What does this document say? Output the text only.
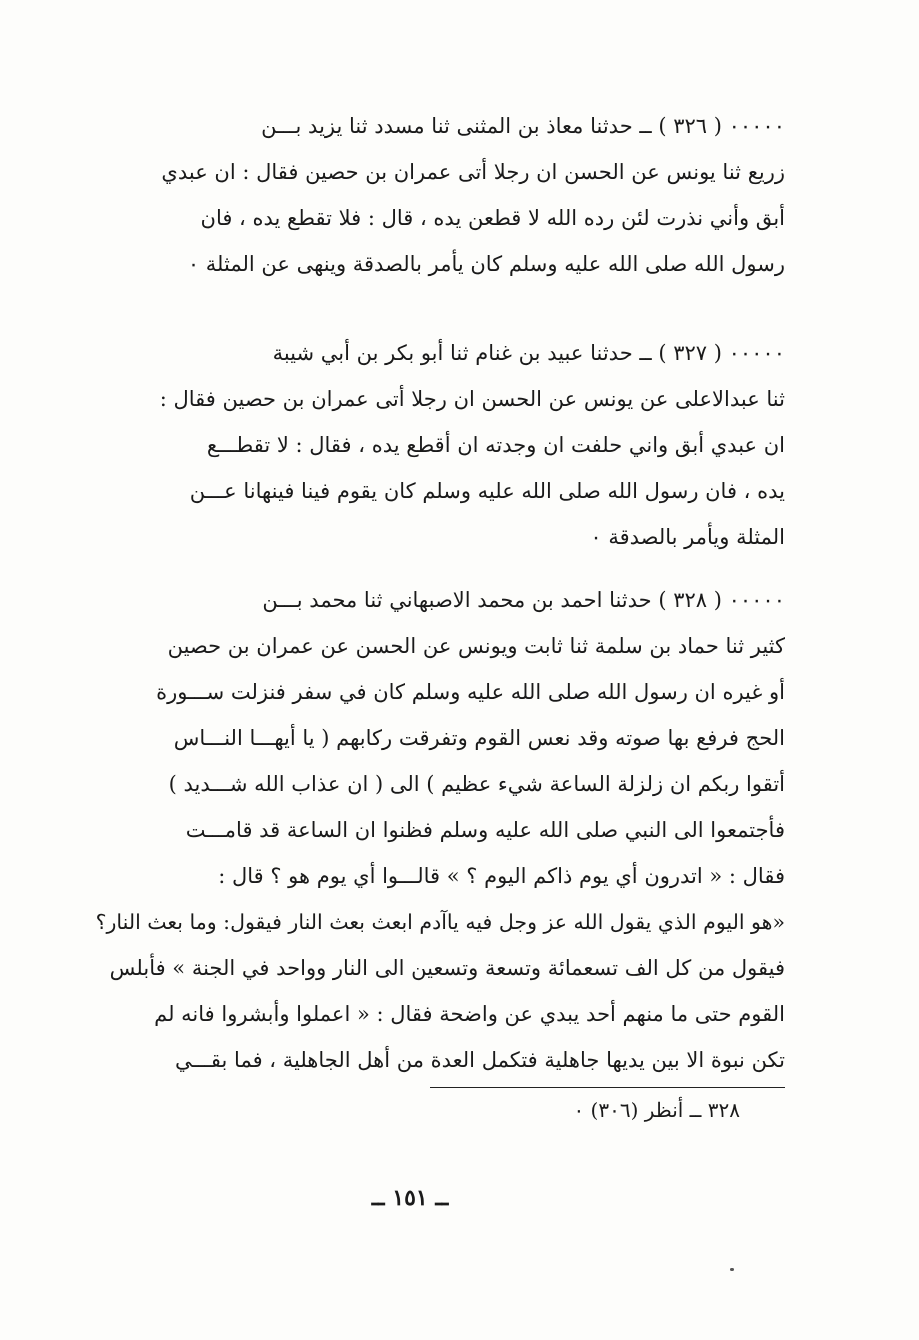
٠٠٠٠٠ ( ٣٢٦ ) ــ حدثنا معاذ بن المثنى ثنا مسدد ثنا يزيد بـــن
زريع ثنا يونس عن الحسن ان رجلا أتى عمران بن حصين فقال : ان عبدي
أبق وأني نذرت لئن رده الله لا قطعن يده ، قال : فلا تقطع يده ، فان
رسول الله صلى الله عليه وسلم كان يأمر بالصدقة وينهى عن المثلة ٠
٠٠٠٠٠ ( ٣٢٧ ) ــ حدثنا عبيد بن غنام ثنا أبو بكر بن أبي شيبة
ثنا عبدالاعلى عن يونس عن الحسن ان رجلا أتى عمران بن حصين فقال :
ان عبدي أبق واني حلفت ان وجدته ان أقطع يده ، فقال : لا تقطـــع
يده ، فان رسول الله صلى الله عليه وسلم كان يقوم فينا فينهانا عـــن
المثلة ويأمر بالصدقة ٠
٠٠٠٠٠ ( ٣٢٨ ) حدثنا احمد بن محمد الاصبهاني ثنا محمد بـــن
كثير ثنا حماد بن سلمة ثنا ثابت ويونس عن الحسن عن عمران بن حصين
أو غيره ان رسول الله صلى الله عليه وسلم كان في سفر فنزلت ســـورة
الحج فرفع بها صوته وقد نعس القوم وتفرقت ركابهم ( يا أيهـــا النـــاس
أتقوا ربكم ان زلزلة الساعة شيء عظيم ) الى ( ان عذاب الله شـــديد )
فأجتمعوا الى النبي صلى الله عليه وسلم فظنوا ان الساعة قد قامـــت
فقال : « اتدرون أي يوم ذاكم اليوم ؟ » قالـــوا أي يوم هو ؟ قال :
«هو اليوم الذي يقول الله عز وجل فيه ياآدم ابعث بعث النار فيقول: وما بعث النار؟
فيقول من كل الف تسعمائة وتسعة وتسعين الى النار وواحد في الجنة » فأبلس
القوم حتى ما منهم أحد يبدي عن واضحة فقال : « اعملوا وأبشروا فانه لم
تكن نبوة الا بين يديها جاهلية فتكمل العدة من أهل الجاهلية ، فما بقـــي
٣٢٨ ــ أنظر (٣٠٦) ٠
ــ ١٥١ ــ
